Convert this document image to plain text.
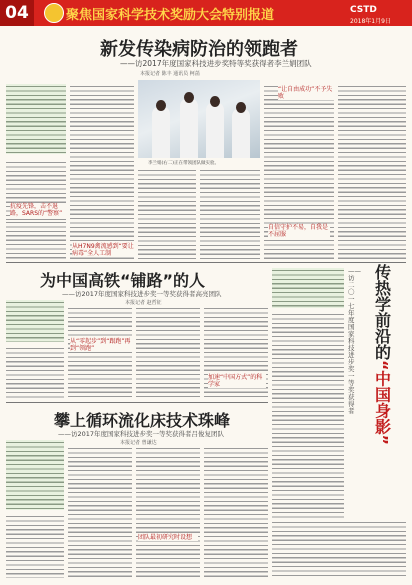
04	聚焦国家科学技术奖励大会特别报道	CSTD
2018年1月9日
新发传染病防治的领跑者
——访2017年度国家科技进步奖特等奖获得者李兰娟团队
本报记者 陈丰 通讯员 柯菡
抗疫先锋，击不退路，SARS的“警察”
从H7N9禽流感到“要让病毒”全人工制
李兰娟(右二)正在带领团队做实验。
“让自由成功”不予失败
自信守护不易，自我是不屈服
为中国高铁“铺路”的人
——访2017年度国家科技进步奖一等奖获得者高亮团队
本报记者 赵哲征
从“零起步”到“跟跑”再到“领跑”
加速“中国方式”的科学家
——访二〇一七年度国家科技进步奖一等奖获得者
传热学前沿的
“中国身影”
攀上循环流化床技术珠峰
——访2017年度国家科技进步奖一等奖获得者吕俊复团队
本报记者 曾谦达
团队最初研究时设想
